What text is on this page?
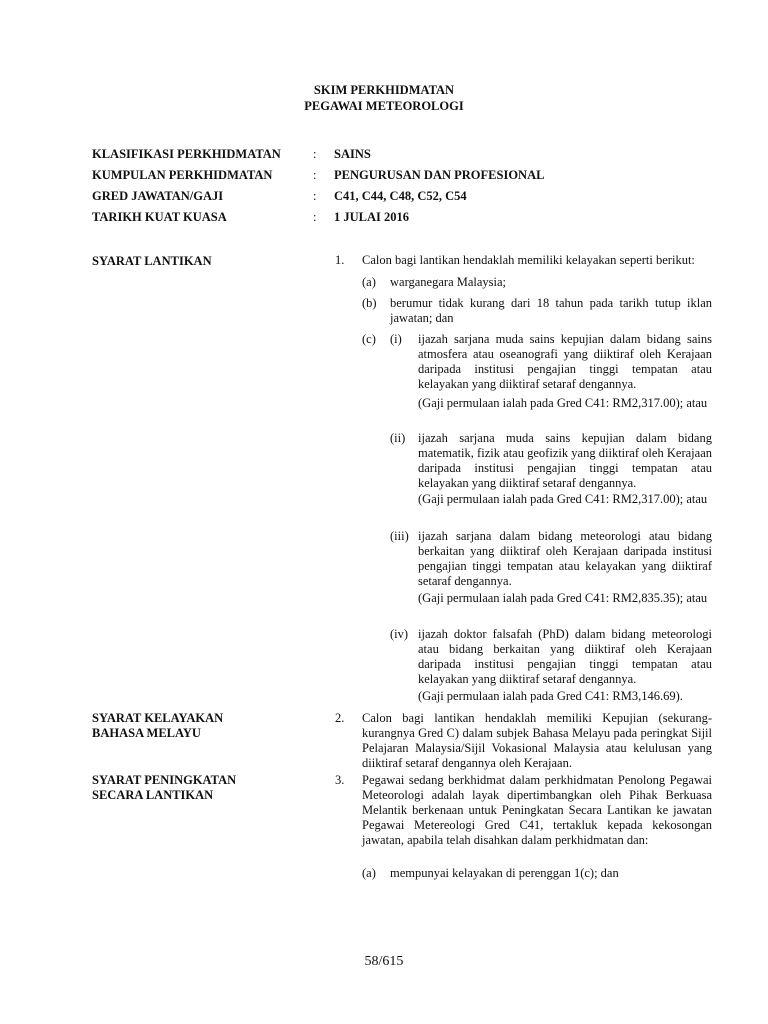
SKIM PERKHIDMATAN
PEGAWAI METEOROLOGI
KLASIFIKASI PERKHIDMATAN	: SAINS
KUMPULAN PERKHIDMATAN	: PENGURUSAN DAN PROFESIONAL
GRED JAWATAN/GAJI	: C41, C44, C48, C52, C54
TARIKH KUAT KUASA	: 1 JULAI 2016
SYARAT LANTIKAN	1. Calon bagi lantikan hendaklah memiliki kelayakan seperti berikut:
(a) warganegara Malaysia;
(b) berumur tidak kurang dari 18 tahun pada tarikh tutup iklan jawatan; dan
(c) (i) ijazah sarjana muda sains kepujian dalam bidang sains atmosfera atau oseanografi yang diiktiraf oleh Kerajaan daripada institusi pengajian tinggi tempatan atau kelayakan yang diiktiraf setaraf dengannya.
(Gaji permulaan ialah pada Gred C41: RM2,317.00); atau
(ii) ijazah sarjana muda sains kepujian dalam bidang matematik, fizik atau geofizik yang diiktiraf oleh Kerajaan daripada institusi pengajian tinggi tempatan atau kelayakan yang diiktiraf setaraf dengannya.
(Gaji permulaan ialah pada Gred C41: RM2,317.00); atau
(iii) ijazah sarjana dalam bidang meteorologi atau bidang berkaitan yang diiktiraf oleh Kerajaan daripada institusi pengajian tinggi tempatan atau kelayakan yang diiktiraf setaraf dengannya.
(Gaji permulaan ialah pada Gred C41: RM2,835.35); atau
(iv) ijazah doktor falsafah (PhD) dalam bidang meteorologi atau bidang berkaitan yang diiktiraf oleh Kerajaan daripada institusi pengajian tinggi tempatan atau kelayakan yang diiktiraf setaraf dengannya.
(Gaji permulaan ialah pada Gred C41: RM3,146.69).
SYARAT KELAYAKAN
BAHASA MELAYU
2. Calon bagi lantikan hendaklah memiliki Kepujian (sekurang-kurangnya Gred C) dalam subjek Bahasa Melayu pada peringkat Sijil Pelajaran Malaysia/Sijil Vokasional Malaysia atau kelulusan yang diiktiraf setaraf dengannya oleh Kerajaan.
SYARAT PENINGKATAN
SECARA LANTIKAN
3. Pegawai sedang berkhidmat dalam perkhidmatan Penolong Pegawai Meteorologi adalah layak dipertimbangkan oleh Pihak Berkuasa Melantik berkenaan untuk Peningkatan Secara Lantikan ke jawatan Pegawai Metereologi Gred C41, tertakluk kepada kekosongan jawatan, apabila telah disahkan dalam perkhidmatan dan:
(a) mempunyai kelayakan di perenggan 1(c); dan
58/615
